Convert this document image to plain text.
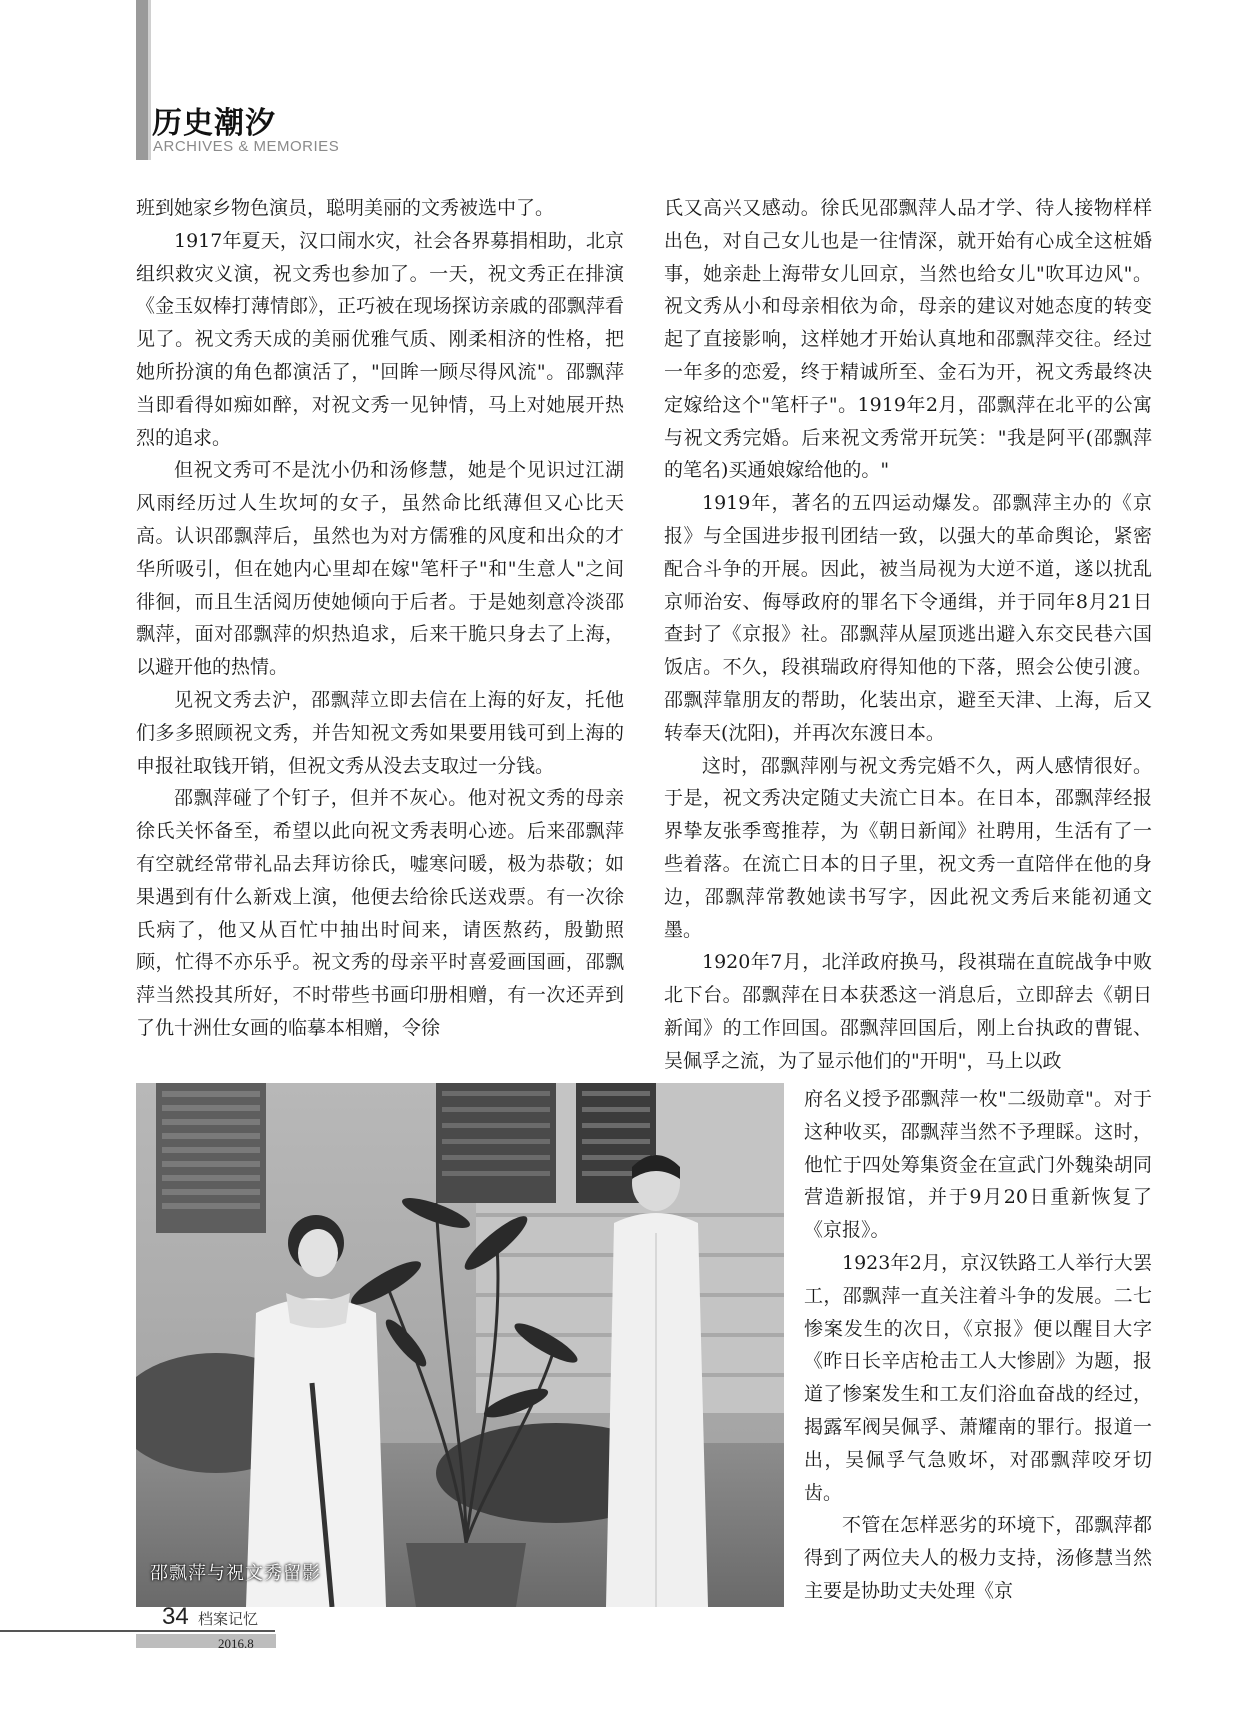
历史潮汐
ARCHIVES & MEMORIES

班到她家乡物色演员，聪明美丽的文秀被选中了。

1917年夏天，汉口闹水灾，社会各界募捐相助，北京组织救灾义演，祝文秀也参加了。一天，祝文秀正在排演《金玉奴棒打薄情郎》，正巧被在现场探访亲戚的邵飘萍看见了。祝文秀天成的美丽优雅气质、刚柔相济的性格，把她所扮演的角色都演活了，"回眸一顾尽得风流"。邵飘萍当即看得如痴如醉，对祝文秀一见钟情，马上对她展开热烈的追求。

但祝文秀可不是沈小仍和汤修慧，她是个见识过江湖风雨经历过人生坎坷的女子，虽然命比纸薄但又心比天高。认识邵飘萍后，虽然也为对方儒雅的风度和出众的才华所吸引，但在她内心里却在嫁"笔杆子"和"生意人"之间徘徊，而且生活阅历使她倾向于后者。于是她刻意冷淡邵飘萍，面对邵飘萍的炽热追求，后来干脆只身去了上海，以避开他的热情。

见祝文秀去沪，邵飘萍立即去信在上海的好友，托他们多多照顾祝文秀，并告知祝文秀如果要用钱可到上海的申报社取钱开销，但祝文秀从没去支取过一分钱。

邵飘萍碰了个钉子，但并不灰心。他对祝文秀的母亲徐氏关怀备至，希望以此向祝文秀表明心迹。后来邵飘萍有空就经常带礼品去拜访徐氏，嘘寒问暖，极为恭敬；如果遇到有什么新戏上演，他便去给徐氏送戏票。有一次徐氏病了，他又从百忙中抽出时间来，请医熬药，殷勤照顾，忙得不亦乐乎。祝文秀的母亲平时喜爱画国画，邵飘萍当然投其所好，不时带些书画印册相赠，有一次还弄到了仇十洲仕女画的临摹本相赠，令徐

氏又高兴又感动。徐氏见邵飘萍人品才学、待人接物样样出色，对自己女儿也是一往情深，就开始有心成全这桩婚事，她亲赴上海带女儿回京，当然也给女儿"吹耳边风"。祝文秀从小和母亲相依为命，母亲的建议对她态度的转变起了直接影响，这样她才开始认真地和邵飘萍交往。经过一年多的恋爱，终于精诚所至、金石为开，祝文秀最终决定嫁给这个"笔杆子"。1919年2月，邵飘萍在北平的公寓与祝文秀完婚。后来祝文秀常开玩笑："我是阿平(邵飘萍的笔名)买通娘嫁给他的。"

1919年，著名的五四运动爆发。邵飘萍主办的《京报》与全国进步报刊团结一致，以强大的革命舆论，紧密配合斗争的开展。因此，被当局视为大逆不道，遂以扰乱京师治安、侮辱政府的罪名下令通缉，并于同年8月21日查封了《京报》社。邵飘萍从屋顶逃出避入东交民巷六国饭店。不久，段祺瑞政府得知他的下落，照会公使引渡。邵飘萍靠朋友的帮助，化装出京，避至天津、上海，后又转奉天(沈阳)，并再次东渡日本。

这时，邵飘萍刚与祝文秀完婚不久，两人感情很好。于是，祝文秀决定随丈夫流亡日本。在日本，邵飘萍经报界挚友张季鸾推荐，为《朝日新闻》社聘用，生活有了一些着落。在流亡日本的日子里，祝文秀一直陪伴在他的身边，邵飘萍常教她读书写字，因此祝文秀后来能初通文墨。

1920年7月，北洋政府换马，段祺瑞在直皖战争中败北下台。邵飘萍在日本获悉这一消息后，立即辞去《朝日新闻》的工作回国。邵飘萍回国后，刚上台执政的曹锟、吴佩孚之流，为了显示他们的"开明"，马上以政

邵飘萍与祝文秀留影

府名义授予邵飘萍一枚"二级勋章"。对于这种收买，邵飘萍当然不予理睬。这时，他忙于四处筹集资金在宣武门外魏染胡同营造新报馆，并于9月20日重新恢复了《京报》。

1923年2月，京汉铁路工人举行大罢工，邵飘萍一直关注着斗争的发展。二七惨案发生的次日，《京报》便以醒目大字《昨日长辛店枪击工人大惨剧》为题，报道了惨案发生和工友们浴血奋战的经过，揭露军阀吴佩孚、萧耀南的罪行。报道一出，吴佩孚气急败坏，对邵飘萍咬牙切齿。

不管在怎样恶劣的环境下，邵飘萍都得到了两位夫人的极力支持，汤修慧当然主要是协助丈夫处理《京

34 档案记忆
2016.8
